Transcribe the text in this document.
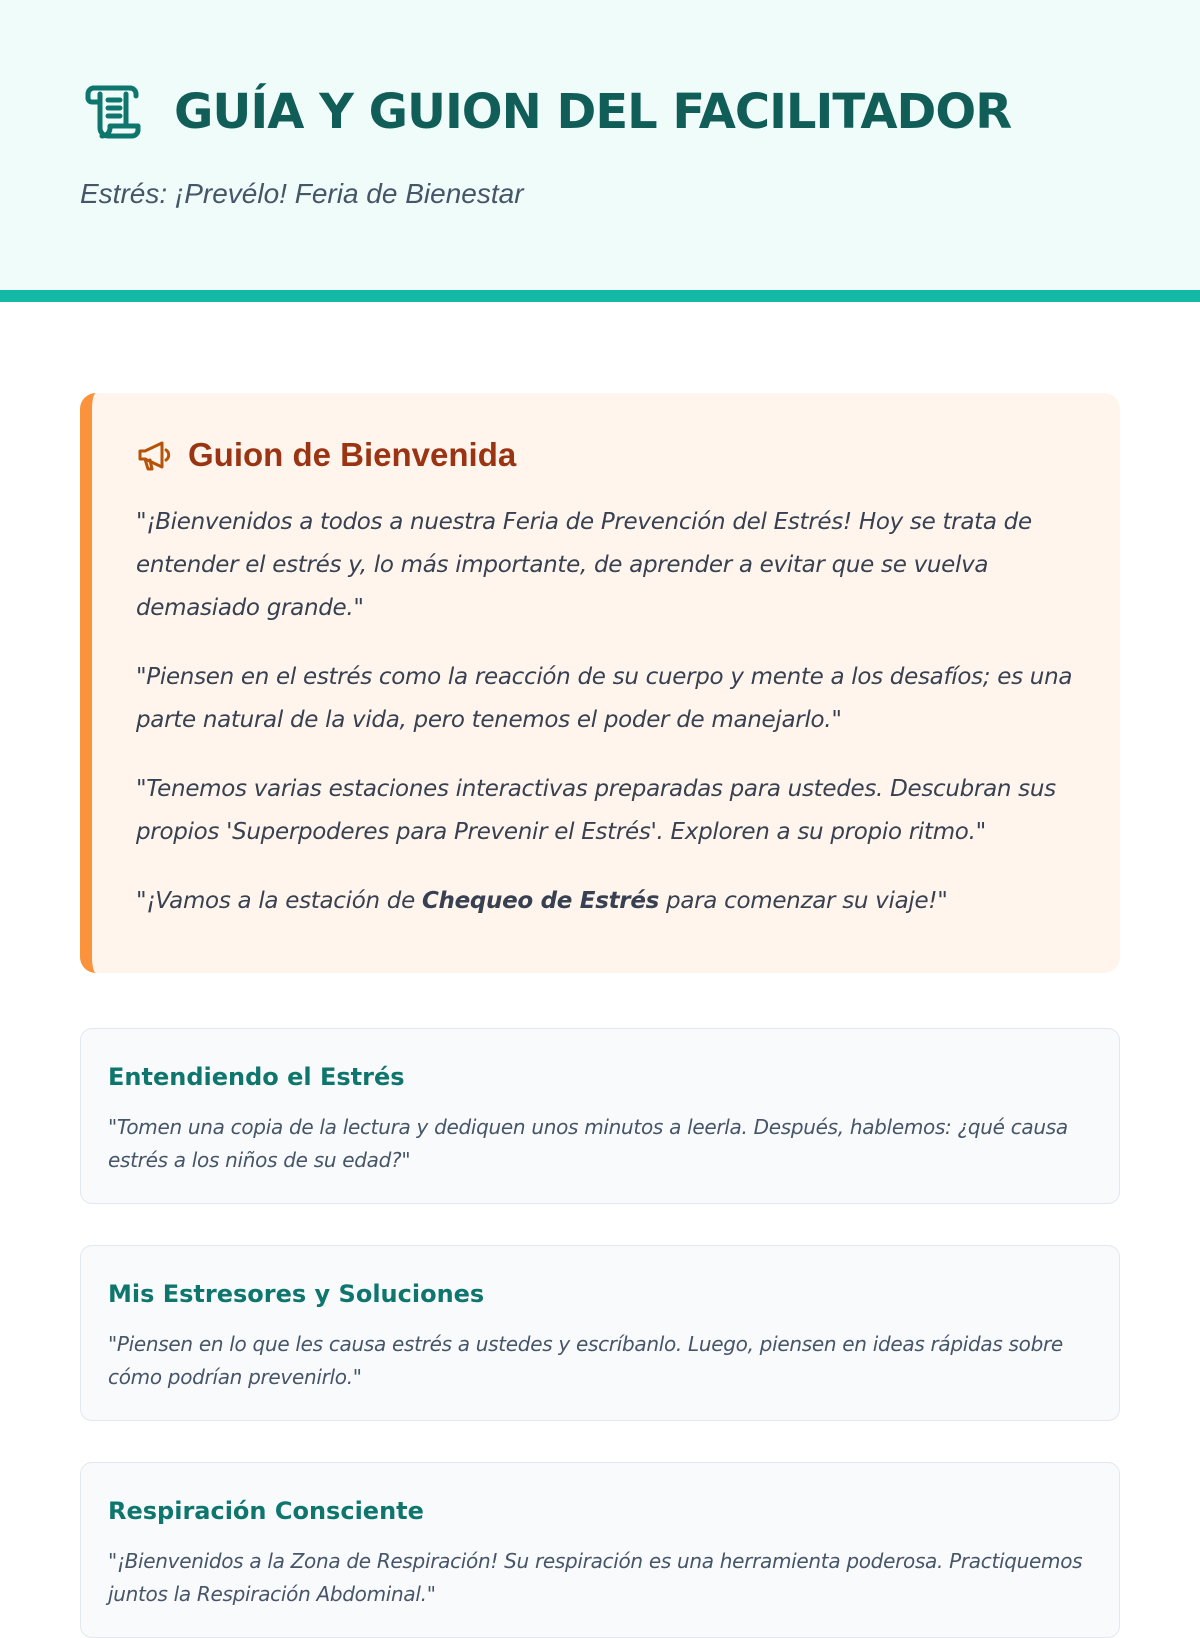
GUÍA Y GUION DEL FACILITADOR
Estrés: ¡Prevélo! Feria de Bienestar
Guion de Bienvenida

"¡Bienvenidos a todos a nuestra Feria de Prevención del Estrés! Hoy se trata de entender el estrés y, lo más importante, de aprender a evitar que se vuelva demasiado grande."

"Piensen en el estrés como la reacción de su cuerpo y mente a los desafíos; es una parte natural de la vida, pero tenemos el poder de manejarlo."

"Tenemos varias estaciones interactivas preparadas para ustedes. Descubran sus propios 'Superpoderes para Prevenir el Estrés'. Exploren a su propio ritmo."

"¡Vamos a la estación de Chequeo de Estrés para comenzar su viaje!"

Entendiendo el Estrés
"Tomen una copia de la lectura y dediquen unos minutos a leerla. Después, hablemos: ¿qué causa estrés a los niños de su edad?"
Mis Estresores y Soluciones
"Piensen en lo que les causa estrés a ustedes y escríbanlo. Luego, piensen en ideas rápidas sobre cómo podrían prevenirlo."
Respiración Consciente
"¡Bienvenidos a la Zona de Respiración! Su respiración es una herramienta poderosa. Practiquemos juntos la Respiración Abdominal."
